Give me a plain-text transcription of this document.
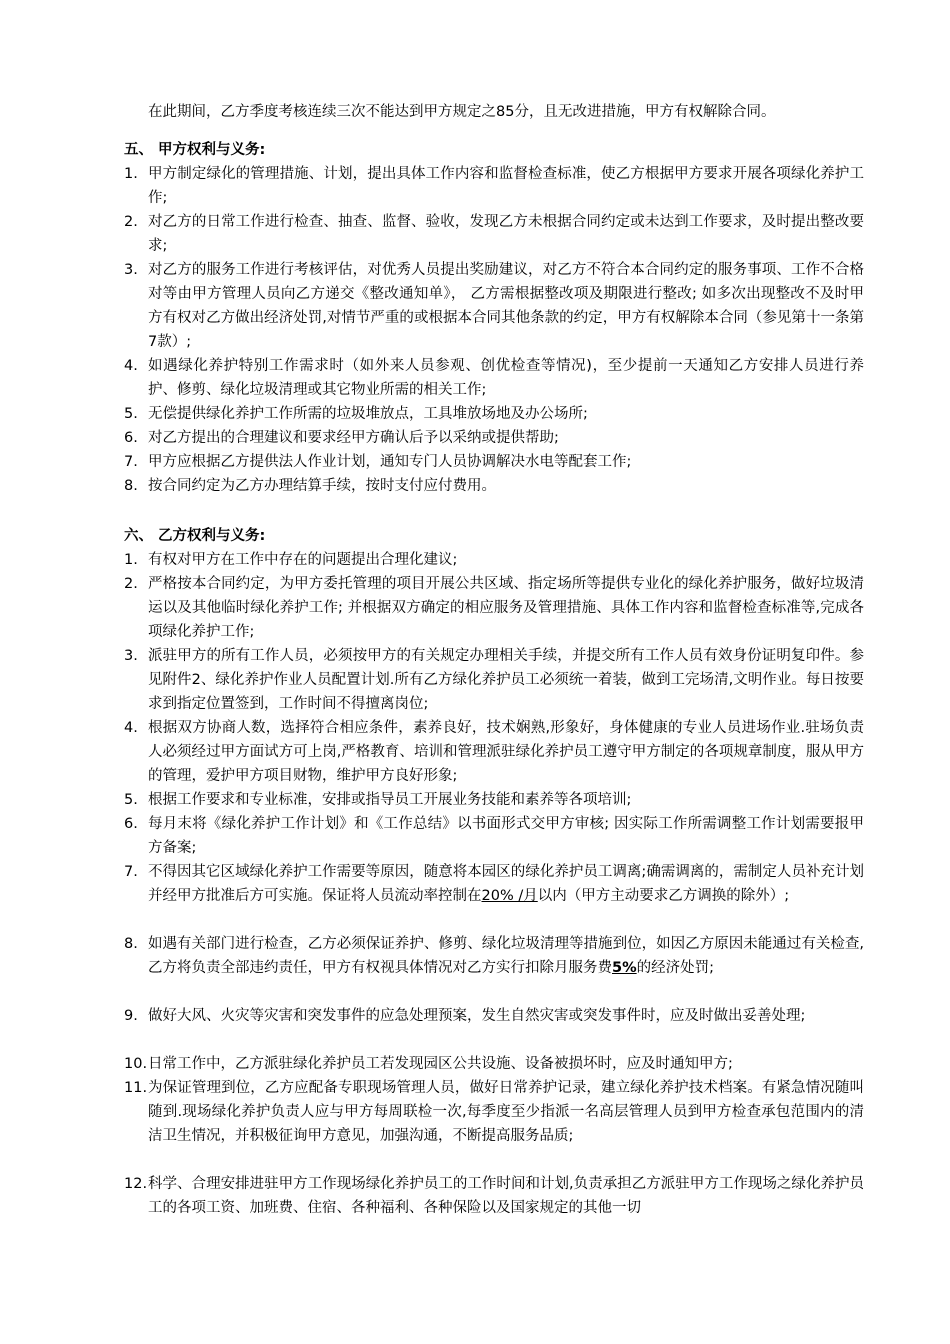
在此期间，乙方季度考核连续三次不能达到甲方规定之85分，且无改进措施，甲方有权解除合同。
五、 甲方权利与义务:
1. 甲方制定绿化的管理措施、计划，提出具体工作内容和监督检查标准，使乙方根据甲方要求开展各项绿化养护工作;
2. 对乙方的日常工作进行检查、抽查、监督、验收，发现乙方未根据合同约定或未达到工作要求，及时提出整改要求;
3. 对乙方的服务工作进行考核评估，对优秀人员提出奖励建议，对乙方不符合本合同约定的服务事项、工作不合格对等由甲方管理人员向乙方递交《整改通知单》， 乙方需根据整改项及期限进行整改; 如多次出现整改不及时甲方有权对乙方做出经济处罚,对情节严重的或根据本合同其他条款的约定，甲方有权解除本合同（参见第十一条第7款）;
4. 如遇绿化养护特别工作需求时（如外来人员参观、创优检查等情况)，至少提前一天通知乙方安排人员进行养护、修剪、绿化垃圾清理或其它物业所需的相关工作;
5. 无偿提供绿化养护工作所需的垃圾堆放点，工具堆放场地及办公场所;
6. 对乙方提出的合理建议和要求经甲方确认后予以采纳或提供帮助;
7. 甲方应根据乙方提供法人作业计划，通知专门人员协调解决水电等配套工作;
8. 按合同约定为乙方办理结算手续，按时支付应付费用。
六、 乙方权利与义务:
1. 有权对甲方在工作中存在的问题提出合理化建议;
2. 严格按本合同约定，为甲方委托管理的项目开展公共区域、指定场所等提供专业化的绿化养护服务，做好垃圾清运以及其他临时绿化养护工作; 并根据双方确定的相应服务及管理措施、具体工作内容和监督检查标准等,完成各项绿化养护工作;
3. 派驻甲方的所有工作人员，必须按甲方的有关规定办理相关手续，并提交所有工作人员有效身份证明复印件。参见附件2、绿化养护作业人员配置计划.所有乙方绿化养护员工必须统一着装，做到工完场清,文明作业。每日按要求到指定位置签到，工作时间不得擅离岗位;
4. 根据双方协商人数，选择符合相应条件，素养良好，技术娴熟,形象好，身体健康的专业人员进场作业.驻场负责人必须经过甲方面试方可上岗,严格教育、培训和管理派驻绿化养护员工遵守甲方制定的各项规章制度，服从甲方的管理，爱护甲方项目财物，维护甲方良好形象;
5. 根据工作要求和专业标准，安排或指导员工开展业务技能和素养等各项培训;
6. 每月末将《绿化养护工作计划》和《工作总结》以书面形式交甲方审核; 因实际工作所需调整工作计划需要报甲方备案;
7. 不得因其它区域绿化养护工作需要等原因，随意将本园区的绿化养护员工调离;确需调离的，需制定人员补充计划并经甲方批准后方可实施。保证将人员流动率控制在20% /月以内（甲方主动要求乙方调换的除外）;
8. 如遇有关部门进行检查，乙方必须保证养护、修剪、绿化垃圾清理等措施到位，如因乙方原因未能通过有关检查,乙方将负责全部违约责任，甲方有权视具体情况对乙方实行扣除月服务费5%的经济处罚;
9. 做好大风、火灾等灾害和突发事件的应急处理预案，发生自然灾害或突发事件时，应及时做出妥善处理;
10. 日常工作中，乙方派驻绿化养护员工若发现园区公共设施、设备被损坏时，应及时通知甲方;
11. 为保证管理到位，乙方应配备专职现场管理人员，做好日常养护记录，建立绿化养护技术档案。有紧急情况随叫随到.现场绿化养护负责人应与甲方每周联检一次,每季度至少指派一名高层管理人员到甲方检查承包范围内的清洁卫生情况，并积极征询甲方意见，加强沟通，不断提高服务品质;
12. 科学、合理安排进驻甲方工作现场绿化养护员工的工作时间和计划,负责承担乙方派驻甲方工作现场之绿化养护员工的各项工资、加班费、住宿、各种福利、各种保险以及国家规定的其他一切
